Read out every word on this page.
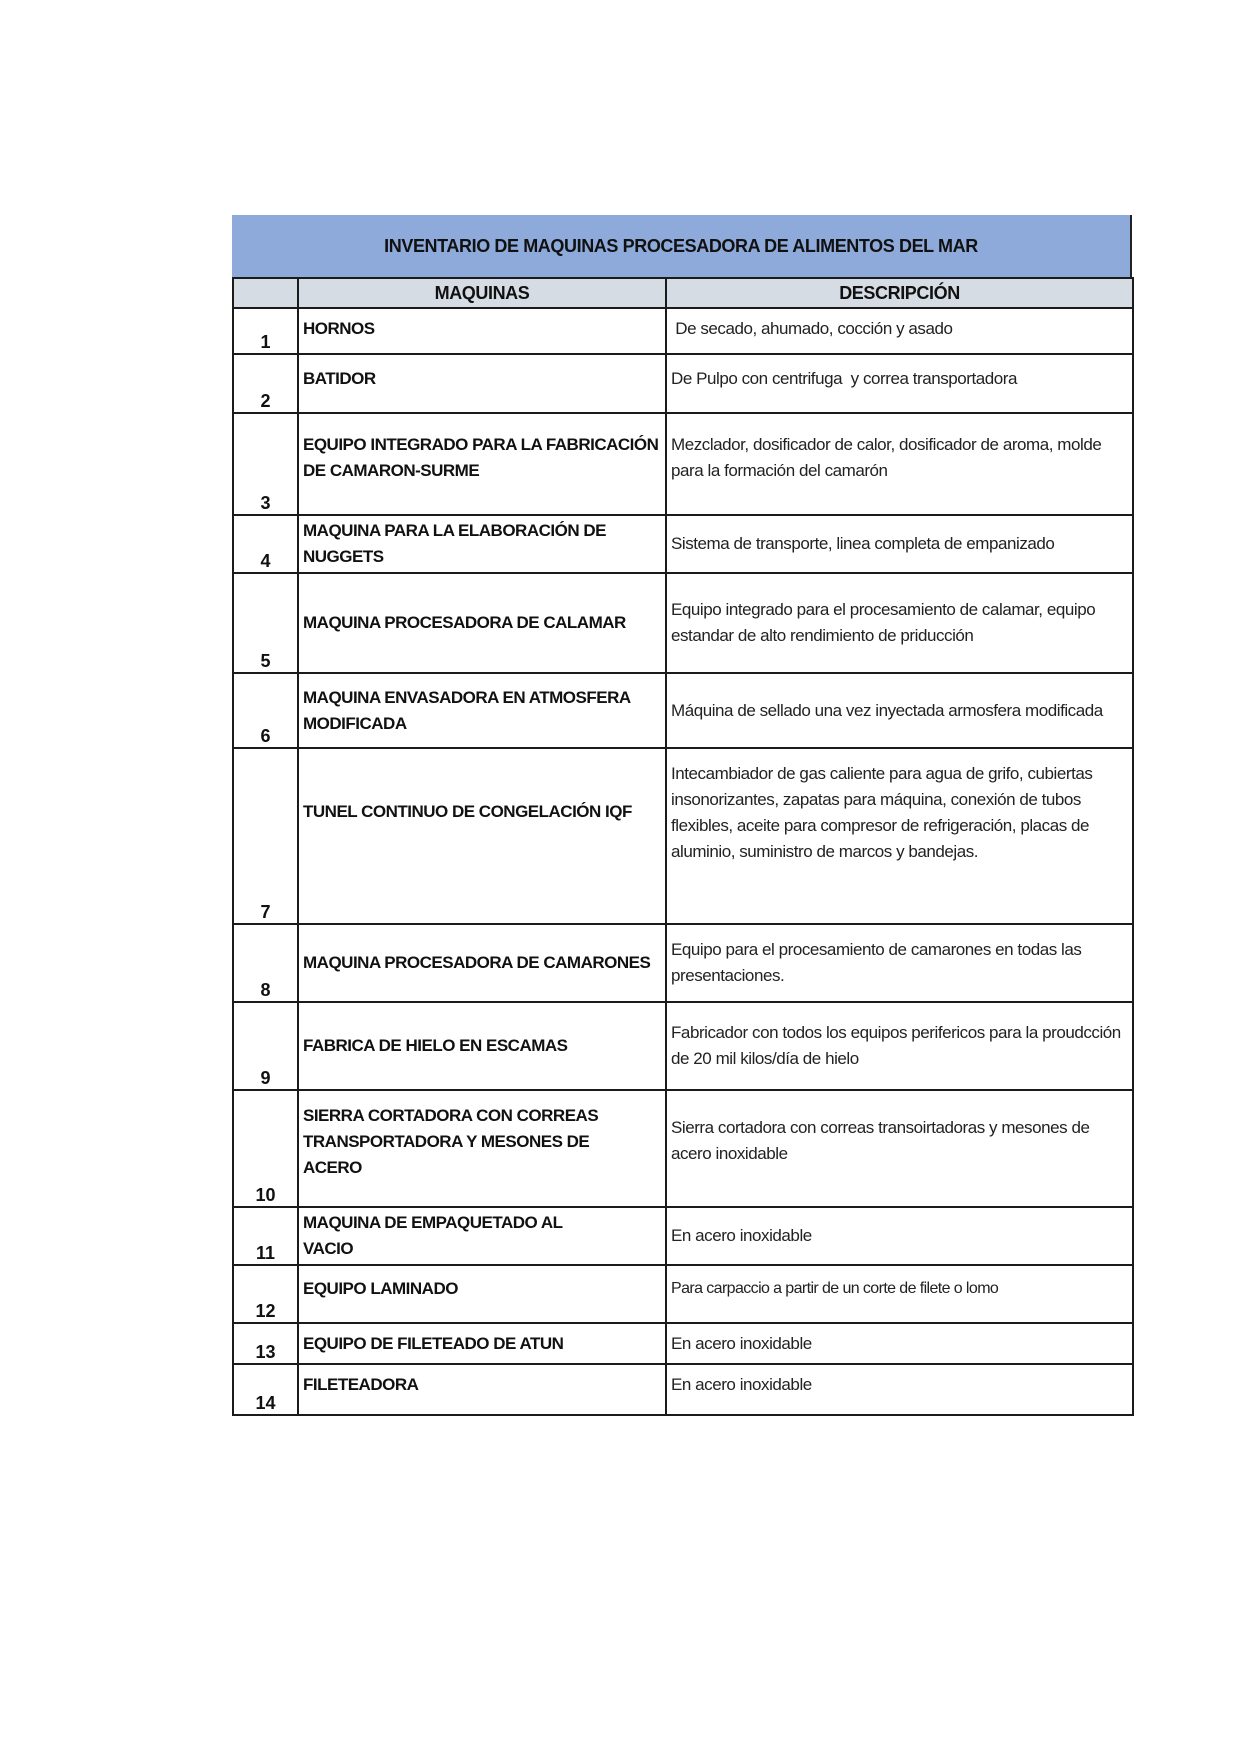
INVENTARIO DE MAQUINAS PROCESADORA DE ALIMENTOS DEL MAR
	MAQUINAS	DESCRIPCIÓN
1	HORNOS	De secado, ahumado, cocción y asado
2	BATIDOR	De Pulpo con centrifuga  y correa transportadora
3	EQUIPO INTEGRADO PARA LA FABRICACIÓN DE CAMARON-SURME	Mezclador, dosificador de calor, dosificador de aroma, molde para la formación del camarón
4	MAQUINA PARA LA ELABORACIÓN DE NUGGETS	Sistema de transporte, linea completa de empanizado
5	MAQUINA PROCESADORA DE CALAMAR	Equipo integrado para el procesamiento de calamar, equipo estandar de alto rendimiento de priducción
6	MAQUINA ENVASADORA EN ATMOSFERA MODIFICADA	Máquina de sellado una vez inyectada armosfera modificada
7	TUNEL CONTINUO DE CONGELACIÓN IQF	Intecambiador de gas caliente para agua de grifo, cubiertas insonorizantes, zapatas para máquina, conexión de tubos flexibles, aceite para compresor de refrigeración, placas de aluminio, suministro de marcos y bandejas.
8	MAQUINA PROCESADORA DE CAMARONES	Equipo para el procesamiento de camarones en todas las presentaciones.
9	FABRICA DE HIELO EN ESCAMAS	Fabricador con todos los equipos perifericos para la proudcción de 20 mil kilos/día de hielo
10	SIERRA CORTADORA CON CORREAS TRANSPORTADORA Y MESONES DE ACERO	Sierra cortadora con correas transoirtadoras y mesones de acero inoxidable
11	MAQUINA DE EMPAQUETADO AL VACIO	En acero inoxidable
12	EQUIPO LAMINADO	Para carpaccio a partir de un corte de filete o lomo
13	EQUIPO DE FILETEADO DE ATUN	En acero inoxidable
14	FILETEADORA	En acero inoxidable
